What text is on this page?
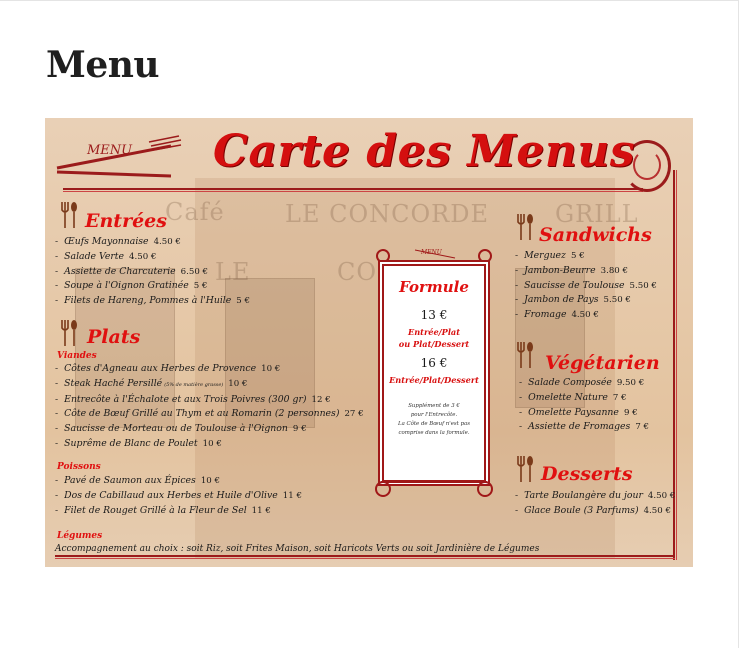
Menu
Café	LE CONCORDE	GRILL
LE	CO
MENU Carte des Menus
Entrées
- Œufs Mayonnaise 4.50 €
- Salade Verte 4.50 €
- Assiette de Charcuterie 6.50 €
- Soupe à l'Oignon Gratinée 5 €
- Filets de Hareng, Pommes à l'Huile 5 €
Plats
Viandes
- Côtes d'Agneau aux Herbes de Provence 10 €
- Steak Haché Persillé (5% de matière grasse) 10 €
- Entrecôte à l'Échalote et aux Trois Poivres (300 gr) 12 €
- Côte de Bœuf Grillé au Thym et au Romarin (2 personnes) 27 €
- Saucisse de Morteau ou de Toulouse à l'Oignon 9 €
- Suprême de Blanc de Poulet 10 €
Poissons
- Pavé de Saumon aux Épices 10 €
- Dos de Cabillaud aux Herbes et Huile d'Olive 11 €
- Filet de Rouget Grillé à la Fleur de Sel 11 €
Légumes
Accompagnement au choix : soit Riz, soit Frites Maison, soit Haricots Verts ou soit Jardinière de Légumes
MENU
Formule
13 €
Entrée/Plat
ou Plat/Dessert
16 €
Entrée/Plat/Dessert
Supplément de 3 €
pour l'Entrecôte.
La Côte de Bœuf n'est pas
comprise dans la formule.
Sandwichs
- Merguez 5 €
- Jambon-Beurre 3.80 €
- Saucisse de Toulouse 5.50 €
- Jambon de Pays 5.50 €
- Fromage 4.50 €
Végétarien
- Salade Composée 9.50 €
- Omelette Nature 7 €
- Omelette Paysanne 9 €
- Assiette de Fromages 7 €
Desserts
- Tarte Boulangère du jour 4.50 €
- Glace Boule (3 Parfums) 4.50 €
